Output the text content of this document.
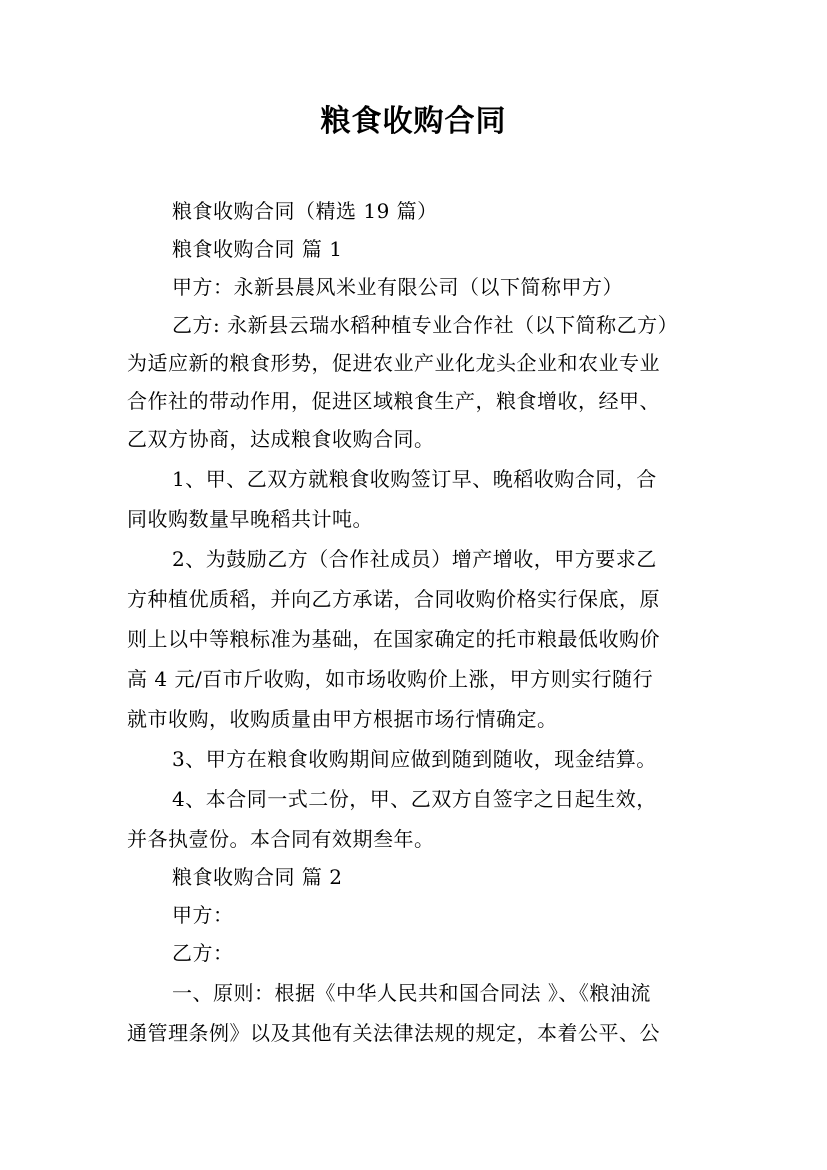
粮食收购合同
粮食收购合同（精选 19 篇）
粮食收购合同 篇 1
甲方：永新县晨风米业有限公司（以下简称甲方）
乙方: 永新县云瑞水稻种植专业合作社（以下简称乙方）
为适应新的粮食形势，促进农业产业化龙头企业和农业专业
合作社的带动作用，促进区域粮食生产，粮食增收，经甲、
乙双方协商，达成粮食收购合同。
1、甲、乙双方就粮食收购签订早、晚稻收购合同，合
同收购数量早晚稻共计吨。
2、为鼓励乙方（合作社成员）增产增收，甲方要求乙
方种植优质稻，并向乙方承诺，合同收购价格实行保底，原
则上以中等粮标准为基础，在国家确定的托市粮最低收购价
高 4 元/百市斤收购，如市场收购价上涨，甲方则实行随行
就市收购，收购质量由甲方根据市场行情确定。
3、甲方在粮食收购期间应做到随到随收，现金结算。
4、本合同一式二份，甲、乙双方自签字之日起生效，
并各执壹份。本合同有效期叁年。
粮食收购合同 篇 2
甲方：
乙方：
一、原则：根据《中华人民共和国合同法 》、《粮油流
通管理条例》以及其他有关法律法规的规定，本着公平、公
